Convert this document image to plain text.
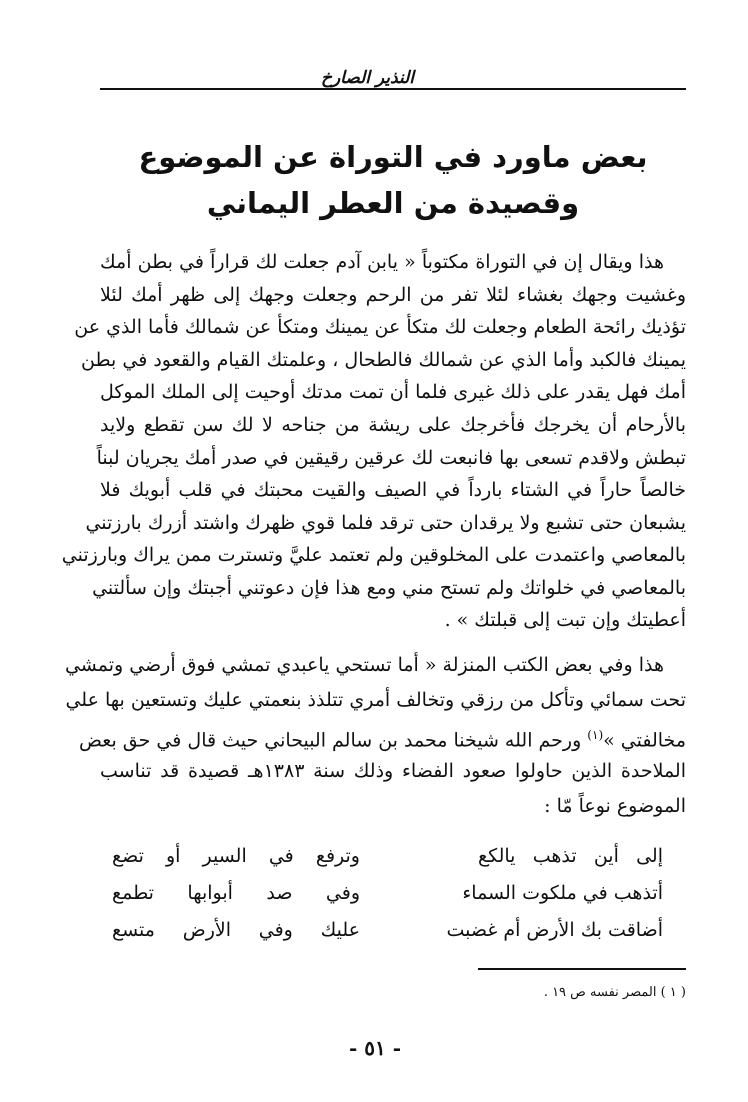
النذير الصارخ
بعض ماورد في التوراة عن الموضوع
وقصيدة من العطر اليماني
هذا ويقال إن في التوراة مكتوباً « يابن آدم جعلت لك قراراً في بطن أمك
وغشيت وجهك بغشاء لئلا تفر من الرحم وجعلت وجهك إلى ظهر أمك لئلا
تؤذيك رائحة الطعام وجعلت لك متكأ عن يمينك ومتكأ عن شمالك فأما الذي عن
يمينك فالكبد وأما الذي عن شمالك فالطحال ، وعلمتك القيام والقعود في بطن
أمك فهل يقدر على ذلك غيرى فلما أن تمت مدتك أوحيت إلى الملك الموكل
بالأرحام أن يخرجك فأخرجك على ريشة من جناحه لا لك سن تقطع ولايد
تبطش ولاقدم تسعى بها فانبعت لك عرقين رقيقين في صدر أمك يجريان لبناً
خالصاً حاراً في الشتاء بارداً في الصيف والقيت محبتك في قلب أبويك فلا
يشبعان حتى تشبع ولا يرقدان حتى ترقد فلما قوي ظهرك واشتد أزرك بارزتني
بالمعاصي واعتمدت على المخلوقين ولم تعتمد عليَّ وتسترت ممن يراك وبارزتني
بالمعاصي في خلواتك ولم تستح مني ومع هذا فإن دعوتني أجبتك وإن سألتني
أعطيتك وإن تبت إلى قبلتك » .
هذا وفي بعض الكتب المنزلة « أما تستحي ياعبدي تمشي فوق أرضي وتمشي
تحت سمائي وتأكل من رزقي وتخالف أمري تتلذذ بنعمتي عليك وتستعين بها علي
مخالفتي »$^{(١)}$ ورحم الله شيخنا محمد بن سالم البيحاني حيث قال في حق بعض
الملاحدة الذين حاولوا صعود الفضاء وذلك سنة ١٣٨٣هـ قصيدة قد تناسب
الموضوع نوعاً مّا :
إلى أين تذهب يالكع
وترفع في السير أو تضع
أتذهب في ملكوت السماء
وفي صد أبوابها تطمع
أضاقت بك الأرض أم غضبت
عليك وفي الأرض متسع
( ١ ) المصر نفسه ص ١٩ .
- ٥١ -
